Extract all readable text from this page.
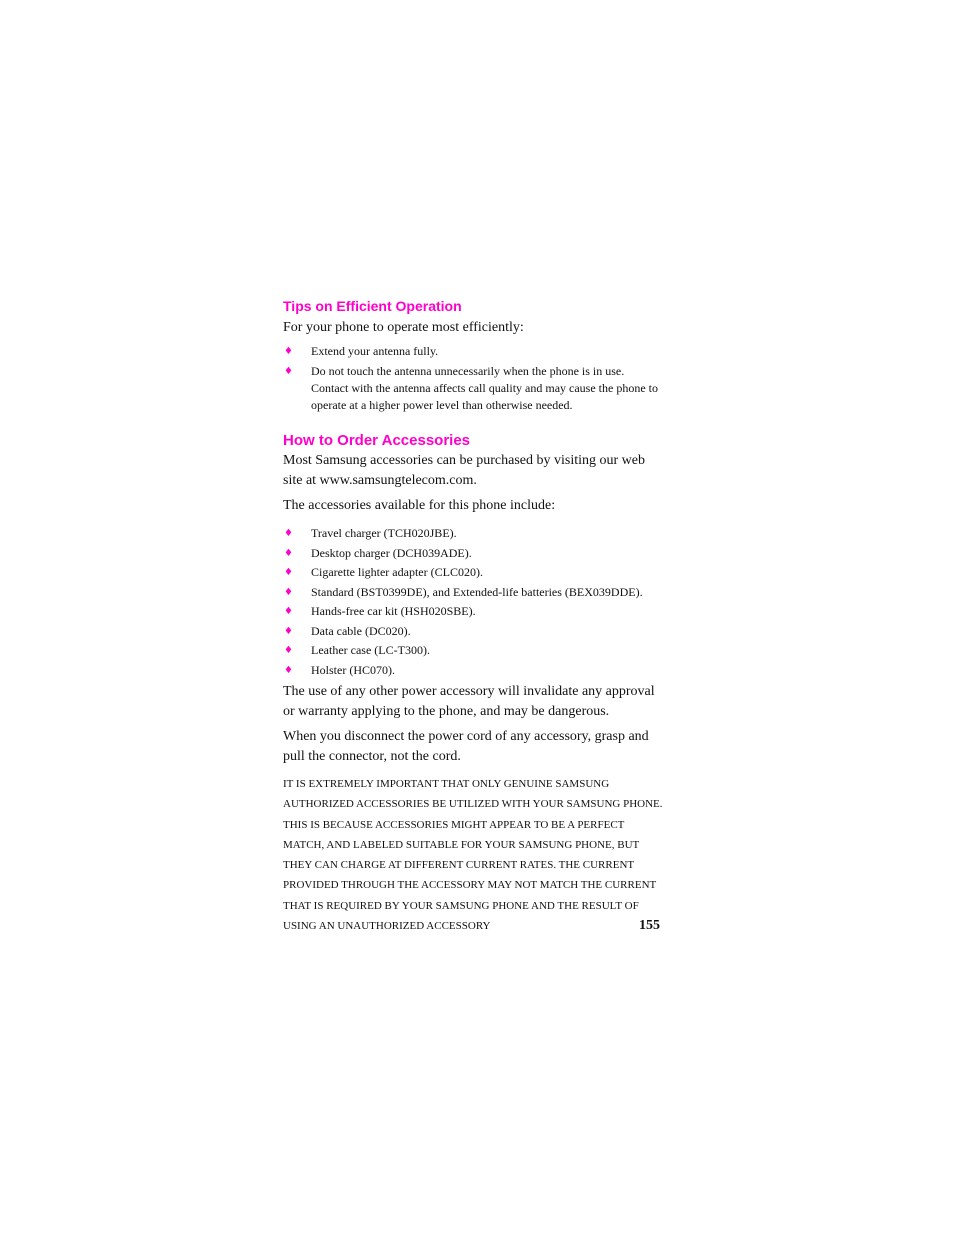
Tips on Efficient Operation

For your phone to operate most efficiently:

♦ Extend your antenna fully.
♦ Do not touch the antenna unnecessarily when the phone is in use. Contact with the antenna affects call quality and may cause the phone to operate at a higher power level than otherwise needed.
How to Order Accessories

Most Samsung accessories can be purchased by visiting our web site at www.samsungtelecom.com.

The accessories available for this phone include:

♦ Travel charger (TCH020JBE).
♦ Desktop charger (DCH039ADE).
♦ Cigarette lighter adapter (CLC020).
♦ Standard (BST0399DE), and Extended-life batteries (BEX039DDE).
♦ Hands-free car kit (HSH020SBE).
♦ Data cable (DC020).
♦ Leather case (LC-T300).
♦ Holster (HC070).

The use of any other power accessory will invalidate any approval or warranty applying to the phone, and may be dangerous.

When you disconnect the power cord of any accessory, grasp and pull the connector, not the cord.

IT IS EXTREMELY IMPORTANT THAT ONLY GENUINE SAMSUNG AUTHORIZED ACCESSORIES BE UTILIZED WITH YOUR SAMSUNG PHONE. THIS IS BECAUSE ACCESSORIES MIGHT APPEAR TO BE A PERFECT MATCH, AND LABELED SUITABLE FOR YOUR SAMSUNG PHONE, BUT THEY CAN CHARGE AT DIFFERENT CURRENT RATES. THE CURRENT PROVIDED THROUGH THE ACCESSORY MAY NOT MATCH THE CURRENT THAT IS REQUIRED BY YOUR SAMSUNG PHONE AND THE RESULT OF USING AN UNAUTHORIZED ACCESSORY	155
